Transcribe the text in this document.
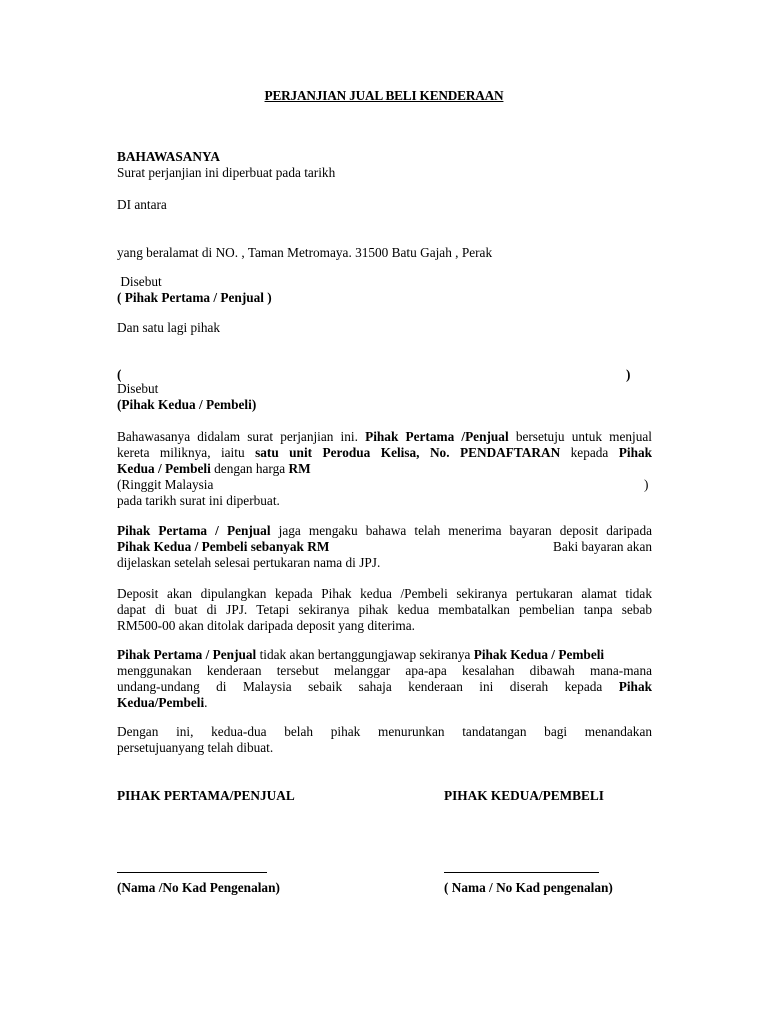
PERJANJIAN JUAL BELI KENDERAAN
BAHAWASANYA
Surat perjanjian ini diperbuat pada tarikh
DI antara
yang beralamat di NO. , Taman Metromaya. 31500 Batu Gajah , Perak
Disebut
( Pihak Pertama / Penjual )
Dan satu lagi pihak
(	)
Disebut
(Pihak Kedua / Pembeli)
Bahawasanya didalam surat perjanjian ini. Pihak Pertama /Penjual bersetuju untuk menjual
kereta miliknya, iaitu satu unit Perodua Kelisa, No. PENDAFTARAN kepada Pihak
Kedua / Pembeli dengan harga RM
(Ringgit Malaysia	)
pada tarikh surat ini diperbuat.
Pihak Pertama / Penjual jaga mengaku bahawa telah menerima bayaran deposit daripada
Pihak Kedua / Pembeli sebanyak RM	Baki bayaran akan
dijelaskan setelah selesai pertukaran nama di JPJ.
Deposit akan dipulangkan kepada Pihak kedua /Pembeli sekiranya pertukaran alamat tidak
dapat di buat di JPJ. Tetapi sekiranya pihak kedua membatalkan pembelian tanpa sebab
RM500-00 akan ditolak daripada deposit yang diterima.
Pihak Pertama / Penjual tidak akan bertanggungjawap sekiranya Pihak Kedua / Pembeli
menggunakan kenderaan tersebut melanggar apa-apa kesalahan dibawah mana-mana
undang-undang di Malaysia sebaik sahaja kenderaan ini diserah kepada Pihak
Kedua/Pembeli.
Dengan ini, kedua-dua belah pihak menurunkan tandatangan bagi menandakan
persetujuanyang telah dibuat.
PIHAK PERTAMA/PENJUAL	PIHAK KEDUA/PEMBELI
(Nama /No Kad Pengenalan)	( Nama / No Kad pengenalan)
